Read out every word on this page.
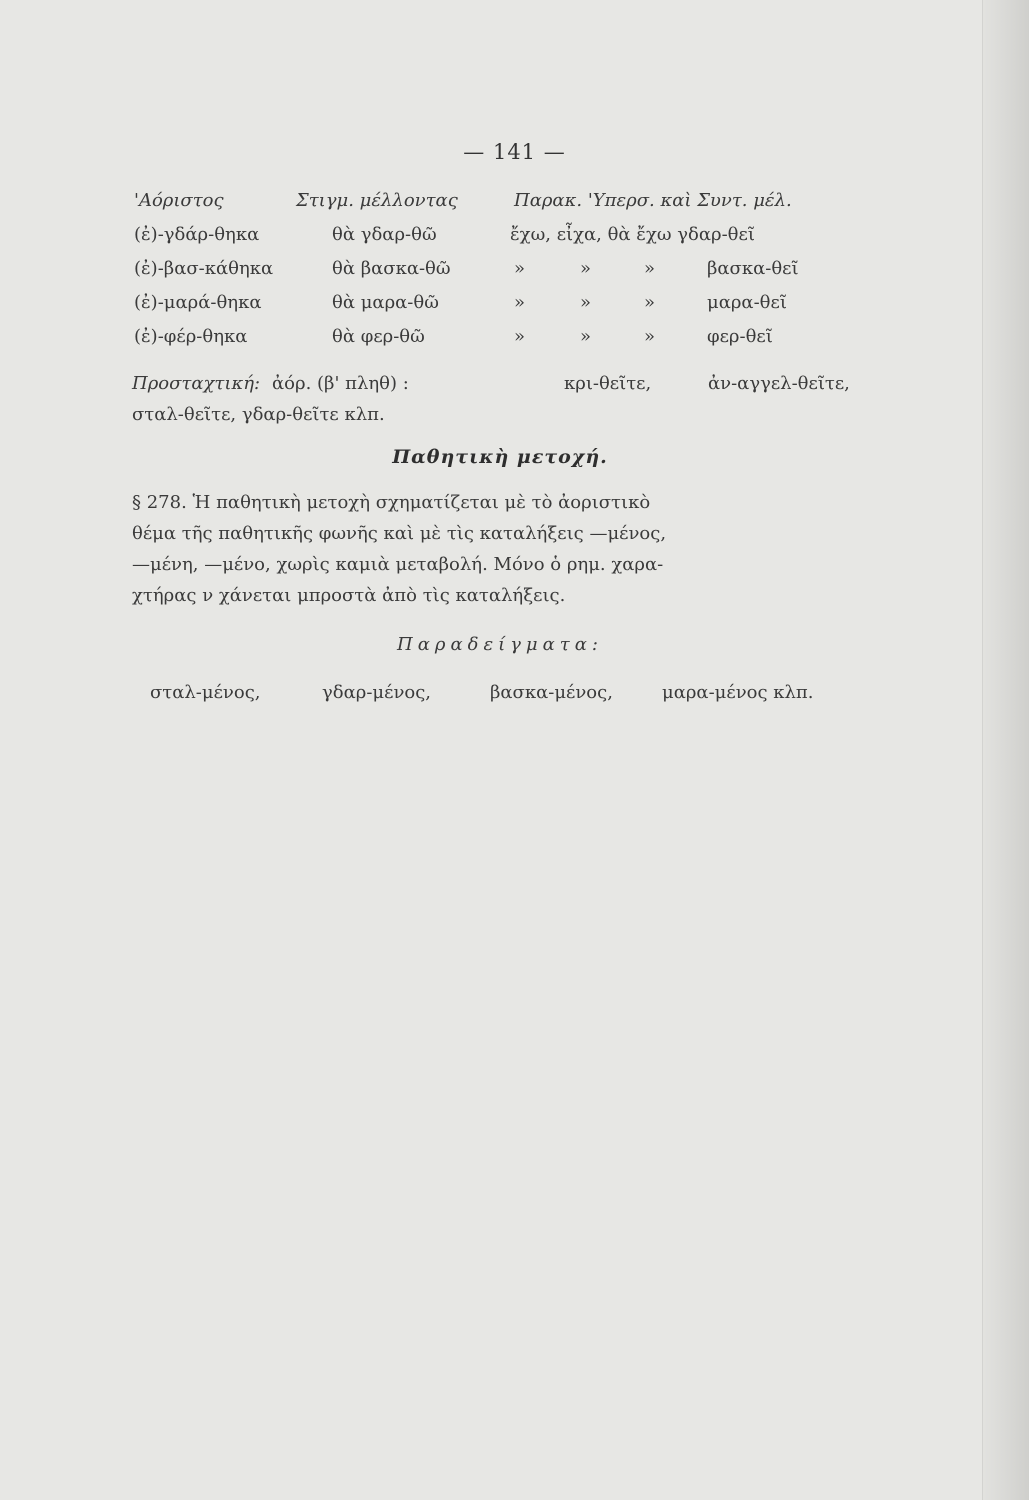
— 141 —
'Αόριστος	Στιγμ. μέλλοντας	Παρακ. 'Υπερσ. καὶ Συντ. μέλ.
(ἐ)-γδάρ-θηκα	θὰ γδαρ-θῶ	ἔχω, εἶχα, θὰ ἔχω γδαρ-θεῖ
(ἐ)-βασ-κάθηκα	θὰ βασκα-θῶ	»	»	»	βασκα-θεῖ
(ἐ)-μαρά-θηκα	θὰ μαρα-θῶ	»	»	»	μαρα-θεῖ
(ἐ)-φέρ-θηκα	θὰ φερ-θῶ	»	»	»	φερ-θεῖ
Προσταχτική: ἀόρ. (β' πληθ) :	κρι-θεῖτε,	ἀν-αγγελ-θεῖτε,
σταλ-θεῖτε, γδαρ-θεῖτε κλπ.
Παθητικὴ μετοχή.
§ 278. Ἡ παθητικὴ μετοχὴ σχηματίζεται μὲ τὸ ἀοριστικὸ
θέμα τῆς παθητικῆς φωνῆς καὶ μὲ τὶς καταλήξεις —μένος,
—μένη, —μένο, χωρὶς καμιὰ μεταβολή. Μόνο ὁ ρημ. χαρα-
χτήρας ν χάνεται μπροστὰ ἀπὸ τὶς καταλήξεις.
Παραδείγματα:
σταλ-μένος,	γδαρ-μένος,	βασκα-μένος,	μαρα-μένος κλπ.
